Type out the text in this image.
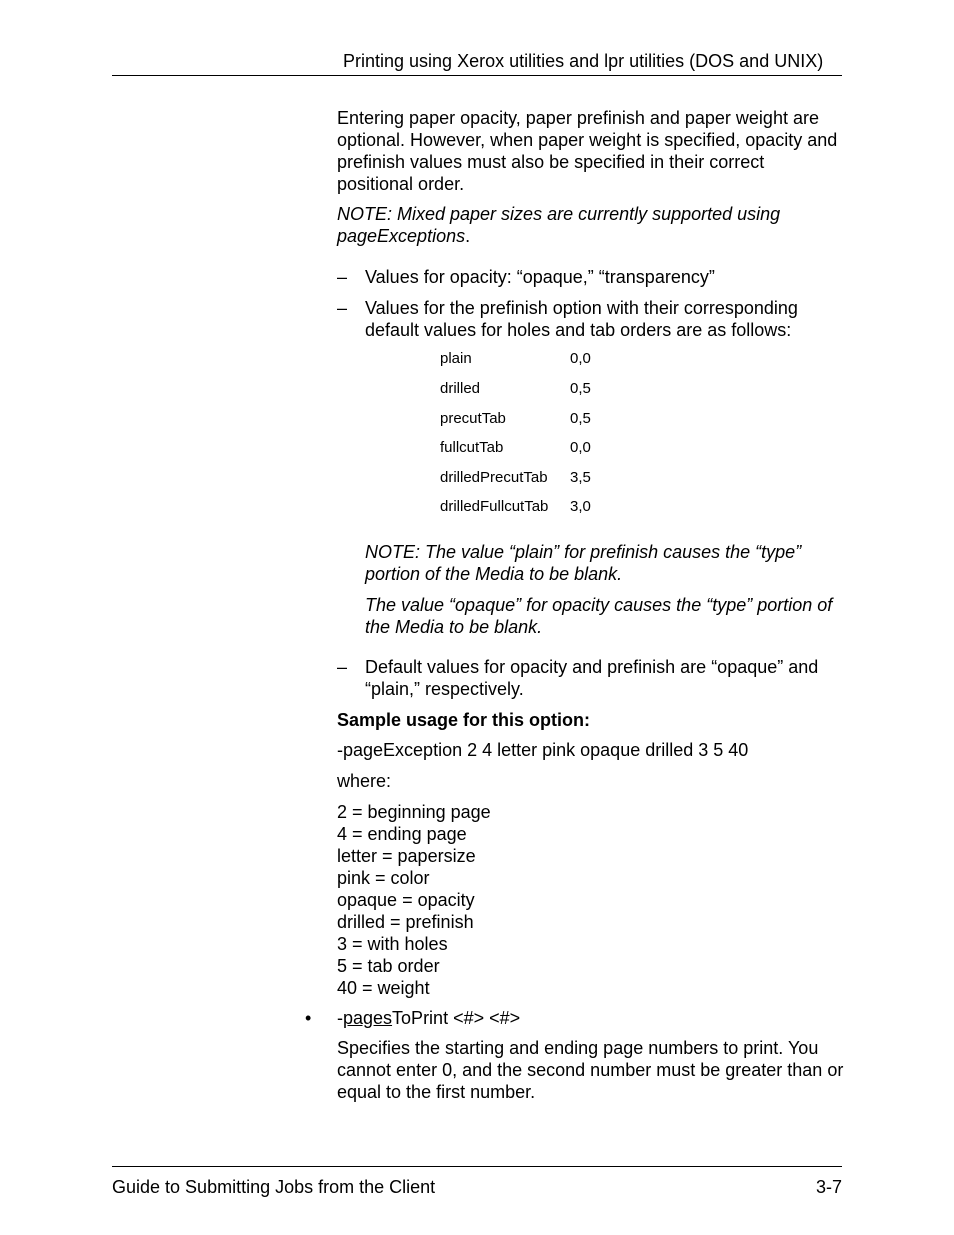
Printing using Xerox utilities and lpr utilities (DOS and UNIX)

Entering paper opacity, paper prefinish and paper weight are optional. However, when paper weight is specified, opacity and prefinish values must also be specified in their correct positional order.

NOTE: Mixed paper sizes are currently supported using pageExceptions.

– Values for opacity: “opaque,” “transparency”

– Values for the prefinish option with their corresponding default values for holes and tab orders are as follows:

plain	0,0
drilled	0,5
precutTab	0,5
fullcutTab	0,0
drilledPrecutTab 3,5
drilledFullcutTab 3,0

NOTE: The value “plain” for prefinish causes the “type” portion of the Media to be blank.

The value “opaque” for opacity causes the “type” portion of the Media to be blank.

– Default values for opacity and prefinish are “opaque” and “plain,” respectively.

Sample usage for this option:

-pageException 2 4 letter pink opaque drilled 3 5 40

where:

2 = beginning page
4 = ending page
letter = papersize
pink = color
opaque = opacity
drilled = prefinish
3 = with holes
5 = tab order
40 = weight
• -pagesToPrint <#> <#>

Specifies the starting and ending page numbers to print. You cannot enter 0, and the second number must be greater than or equal to the first number.

Guide to Submitting Jobs from the Client	3-7
